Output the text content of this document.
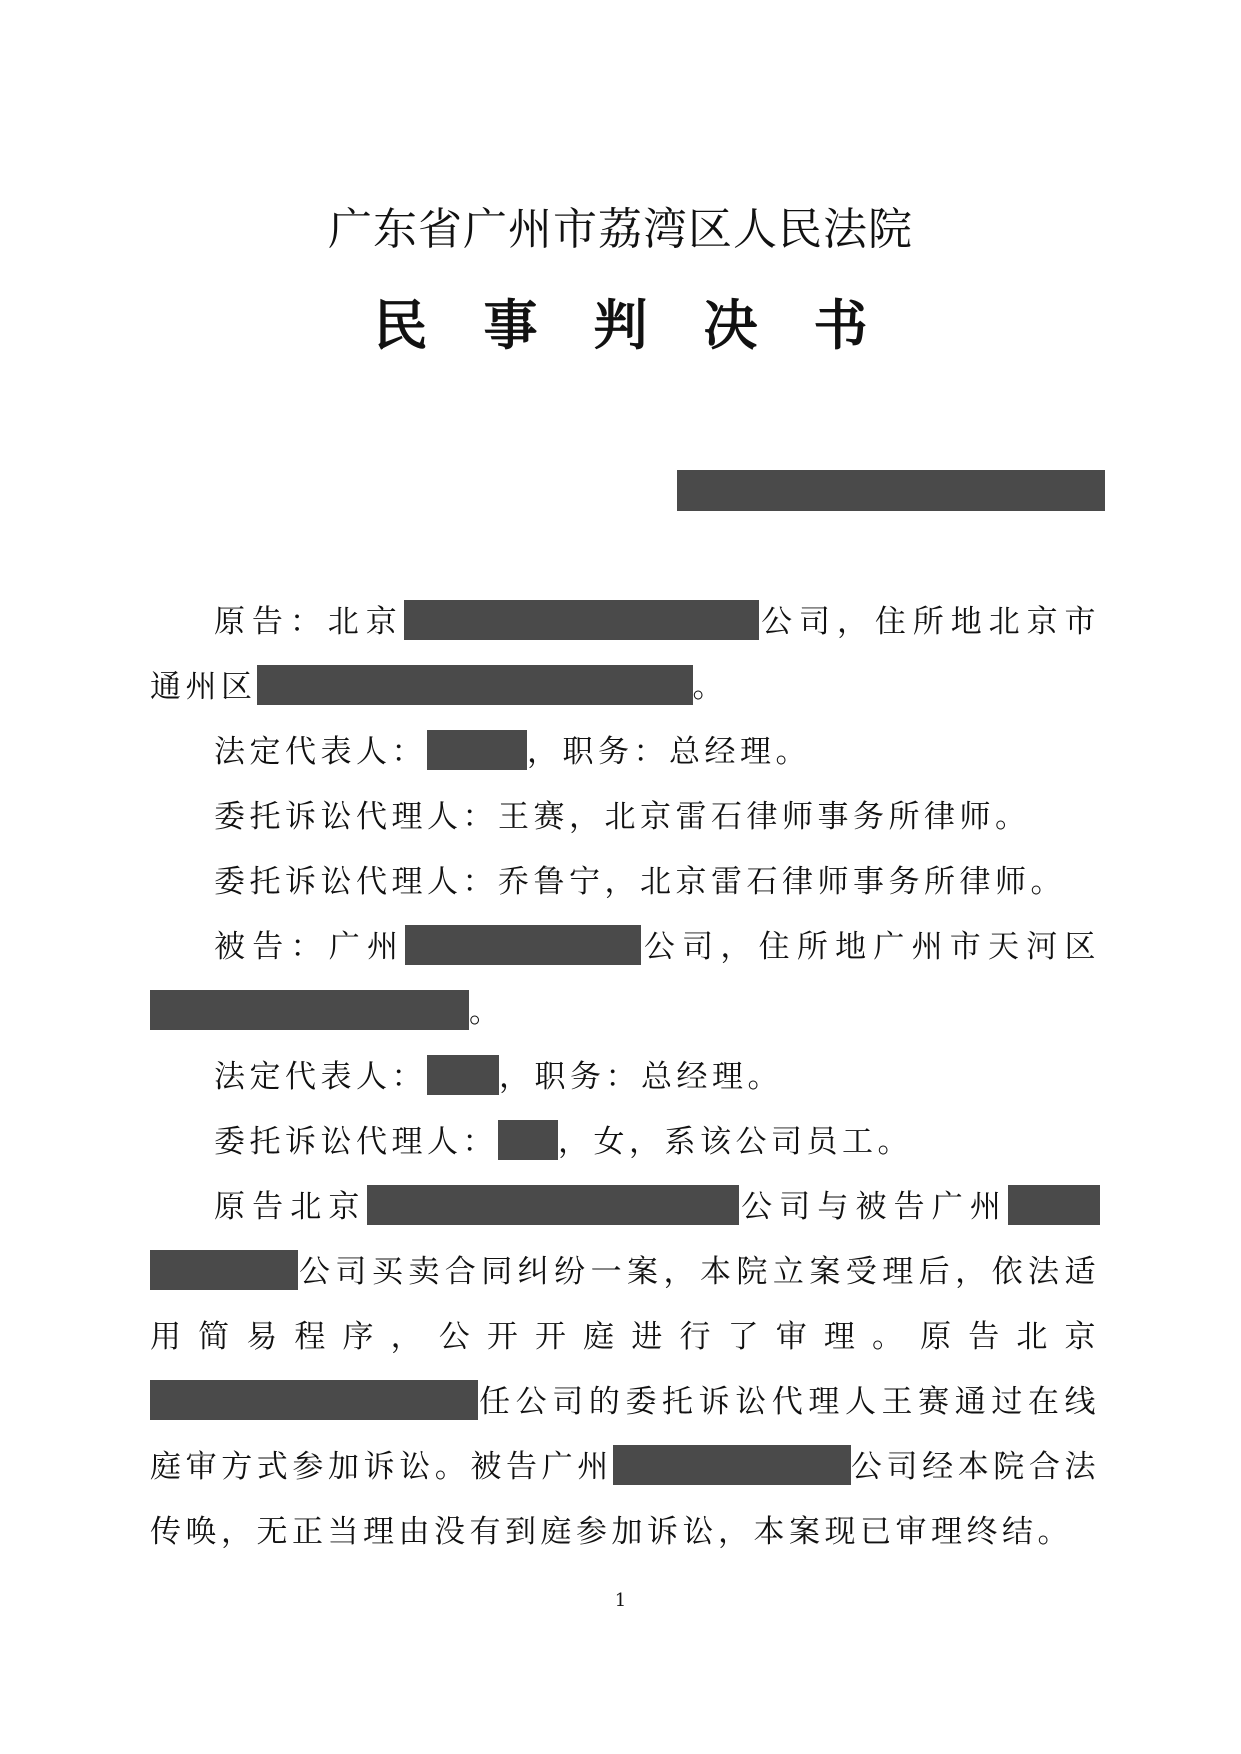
广东省广州市荔湾区人民法院
民事判决书

原告：北京	公司，住所地北京市通州区	。

法定代表人：	，职务：总经理。

委托诉讼代理人：王赛，北京雷石律师事务所律师。

委托诉讼代理人：乔鲁宁，北京雷石律师事务所律师。

被告：广州	公司，住所地广州市天河区。

法定代表人： ，职务：总经理。

委托诉讼代理人： ，女，系该公司员工。

原告北京	公司与被告广州公司买卖合同纠纷一案，本院立案受理后，依法适用简易程序，公开开庭进行了审理。原告北京任公司的委托诉讼代理人王赛通过在线庭审方式参加诉讼。被告广州	公司经本院合法传唤，无正当理由没有到庭参加诉讼，本案现已审理终结。

1
